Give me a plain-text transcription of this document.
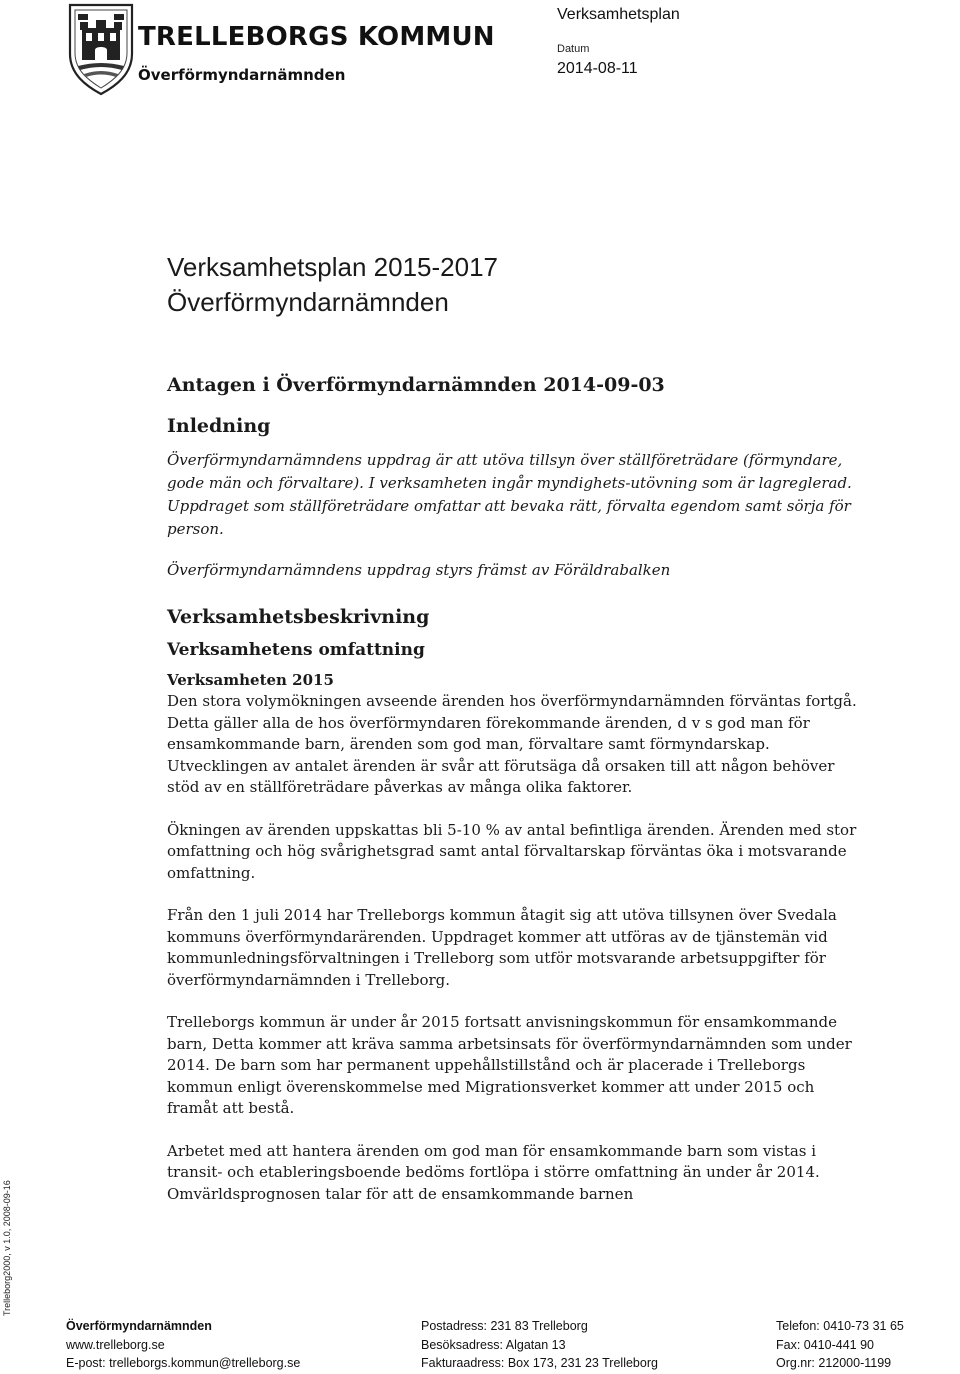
TRELLEBORGS KOMMUN
Överförmyndarnämnden
Verksamhetsplan
Datum
2014-08-11
Verksamhetsplan 2015-2017
Överförmyndarnämnden
Antagen i Överförmyndarnämnden 2014-09-03
Inledning

Överförmyndarnämndens uppdrag är att utöva tillsyn över ställföreträdare (förmyndare, gode män och förvaltare). I verksamheten ingår myndighets-utövning som är lagreglerad. Uppdraget som ställföreträdare omfattar att bevaka rätt, förvalta egendom samt sörja för person.

Överförmyndarnämndens uppdrag styrs främst av Föräldrabalken

Verksamhetsbeskrivning
Verksamhetens omfattning
Verksamheten 2015

Den stora volymökningen avseende ärenden hos överförmyndarnämnden förväntas fortgå. Detta gäller alla de hos överförmyndaren förekommande ärenden, d v s god man för ensamkommande barn, ärenden som god man, förvaltare samt förmyndarskap. Utvecklingen av antalet ärenden är svår att förutsäga då orsaken till att någon behöver stöd av en ställföreträdare påverkas av många olika faktorer.

Ökningen av ärenden uppskattas bli 5-10 % av antal befintliga ärenden. Ärenden med stor omfattning och hög svårighetsgrad samt antal förvaltarskap förväntas öka i motsvarande omfattning.

Från den 1 juli 2014 har Trelleborgs kommun åtagit sig att utöva tillsynen över Svedala kommuns överförmyndarärenden. Uppdraget kommer att utföras av de tjänstemän vid kommunledningsförvaltningen i Trelleborg som utför motsvarande arbetsuppgifter för överförmyndarnämnden i Trelleborg.

Trelleborgs kommun är under år 2015 fortsatt anvisningskommun för ensamkommande barn, Detta kommer att kräva samma arbetsinsats för överförmyndarnämnden som under 2014. De barn som har permanent uppehållstillstånd och är placerade i Trelleborgs kommun enligt överenskommelse med Migrationsverket kommer att under 2015 och framåt att bestå.

Arbetet med att hantera ärenden om god man för ensamkommande barn som vistas i transit- och etableringsboende bedöms fortlöpa i större omfattning än under år 2014. Omvärldsprognosen talar för att de ensamkommande barnen

Trelleborg2000, v 1.0, 2008-09-16
Överförmyndarnämnden
www.trelleborg.se
E-post: trelleborgs.kommun@trelleborg.se
Postadress: 231 83 Trelleborg
Besöksadress: Algatan 13
Fakturaadress: Box 173, 231 23 Trelleborg
Telefon: 0410-73 31 65
Fax: 0410-441 90
Org.nr: 212000-1199
